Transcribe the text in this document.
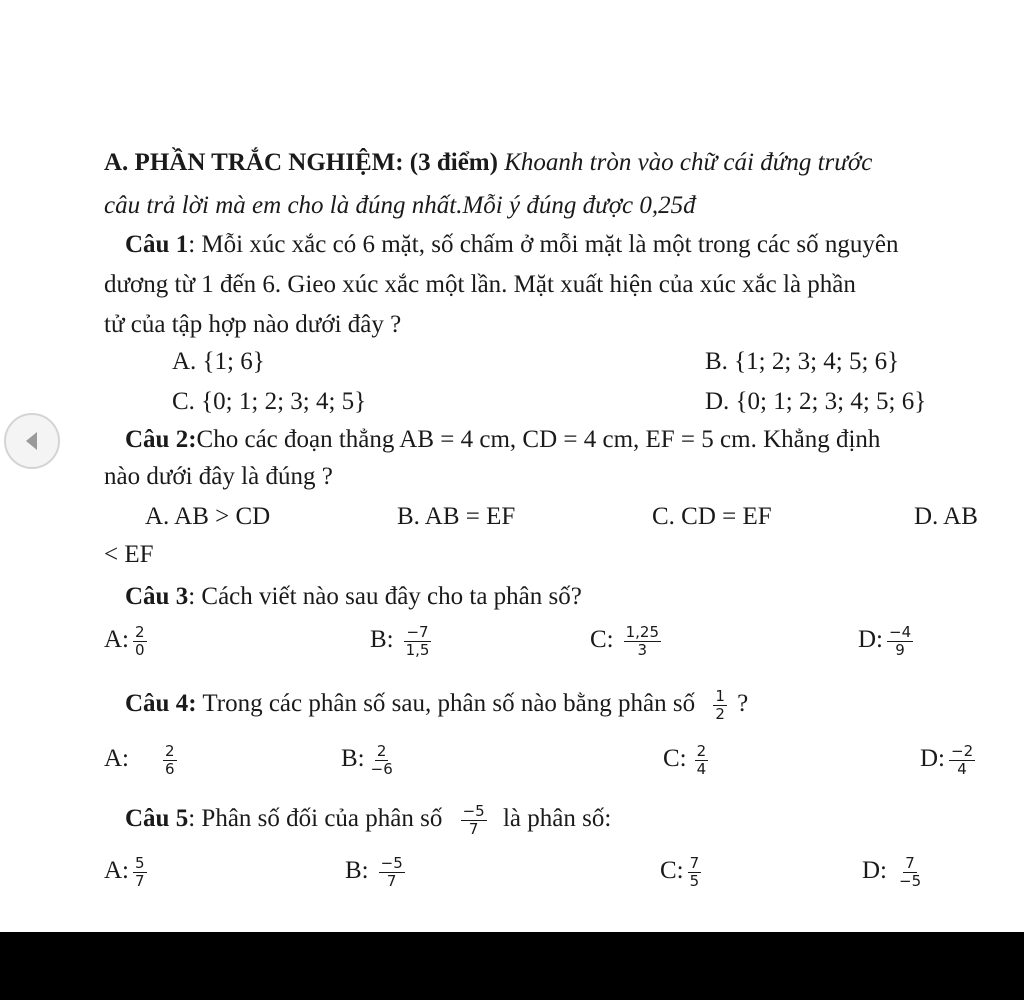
A. PHẦN TRẮC NGHIỆM: (3 điểm) Khoanh tròn vào chữ cái đứng trước
câu trả lời mà em cho là đúng nhất.Mỗi ý đúng được 0,25đ
Câu 1: Mỗi xúc xắc có 6 mặt, số chấm ở mỗi mặt là một trong các số nguyên
dương từ 1 đến 6. Gieo xúc xắc một lần. Mặt xuất hiện của xúc xắc là phần
tử của tập hợp nào dưới đây ?
A. {1; 6}	B. {1; 2; 3; 4; 5; 6}
C. {0; 1; 2; 3; 4; 5}	D. {0; 1; 2; 3; 4; 5; 6}
Câu 2:Cho các đoạn thẳng AB = 4 cm, CD = 4 cm, EF = 5 cm. Khẳng định
nào dưới đây là đúng ?
A. AB > CD	B. AB = EF	C. CD = EF	D. AB
< EF
Câu 3: Cách viết nào sau đây cho ta phân số?
A: $\frac{2}{0}$	B: $\frac{-7}{1,5}$	C: $\frac{1,25}{3}$	D: $\frac{-4}{9}$
Câu 4: Trong các phân số sau, phân số nào bằng phân số $\frac{1}{2}$ ?
A: $\frac{2}{6}$	B: $\frac{2}{-6}$	C: $\frac{2}{4}$	D: $\frac{-2}{4}$
Câu 5: Phân số đối của phân số $\frac{-5}{7}$ là phân số:
A: $\frac{5}{7}$	B: $\frac{-5}{7}$	C: $\frac{7}{5}$	D: $\frac{7}{-5}$
